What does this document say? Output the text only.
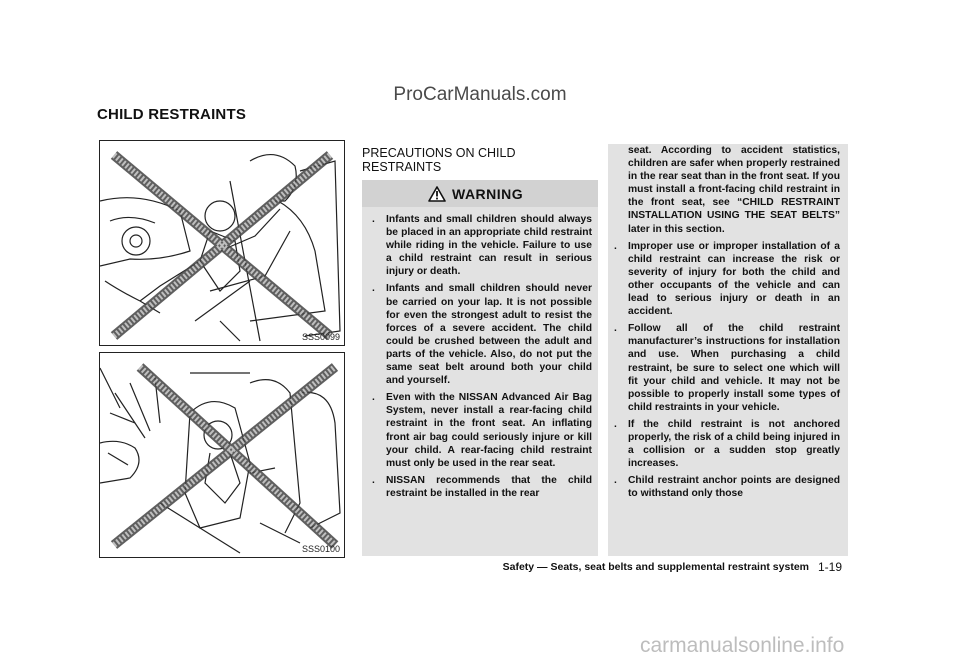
ProCarManuals.com
CHILD RESTRAINTS
SSS0099
SSS0100
PRECAUTIONS ON CHILD RESTRAINTS
WARNING
. Infants and small children should always be placed in an appropriate child restraint while riding in the vehicle. Failure to use a child restraint can result in serious injury or death.
. Infants and small children should never be carried on your lap. It is not possible for even the strongest adult to resist the forces of a severe accident. The child could be crushed between the adult and parts of the vehicle. Also, do not put the same seat belt around both your child and yourself.
. Even with the NISSAN Advanced Air Bag System, never install a rear-facing child restraint in the front seat. An inflating front air bag could seriously injure or kill your child. A rear-facing child restraint must only be used in the rear seat.
. NISSAN recommends that the child restraint be installed in the rear
seat. According to accident statistics, children are safer when properly restrained in the rear seat than in the front seat. If you must install a front-facing child restraint in the front seat, see “CHILD RESTRAINT INSTALLATION USING THE SEAT BELTS” later in this section.
. Improper use or improper installation of a child restraint can increase the risk or severity of injury for both the child and other occupants of the vehicle and can lead to serious injury or death in an accident.
. Follow all of the child restraint manufacturer’s instructions for installation and use. When purchasing a child restraint, be sure to select one which will fit your child and vehicle. It may not be possible to properly install some types of child restraints in your vehicle.
. If the child restraint is not anchored properly, the risk of a child being injured in a collision or a sudden stop greatly increases.
. Child restraint anchor points are designed to withstand only those
Safety — Seats, seat belts and supplemental restraint system 1-19
carmanualsonline.info
